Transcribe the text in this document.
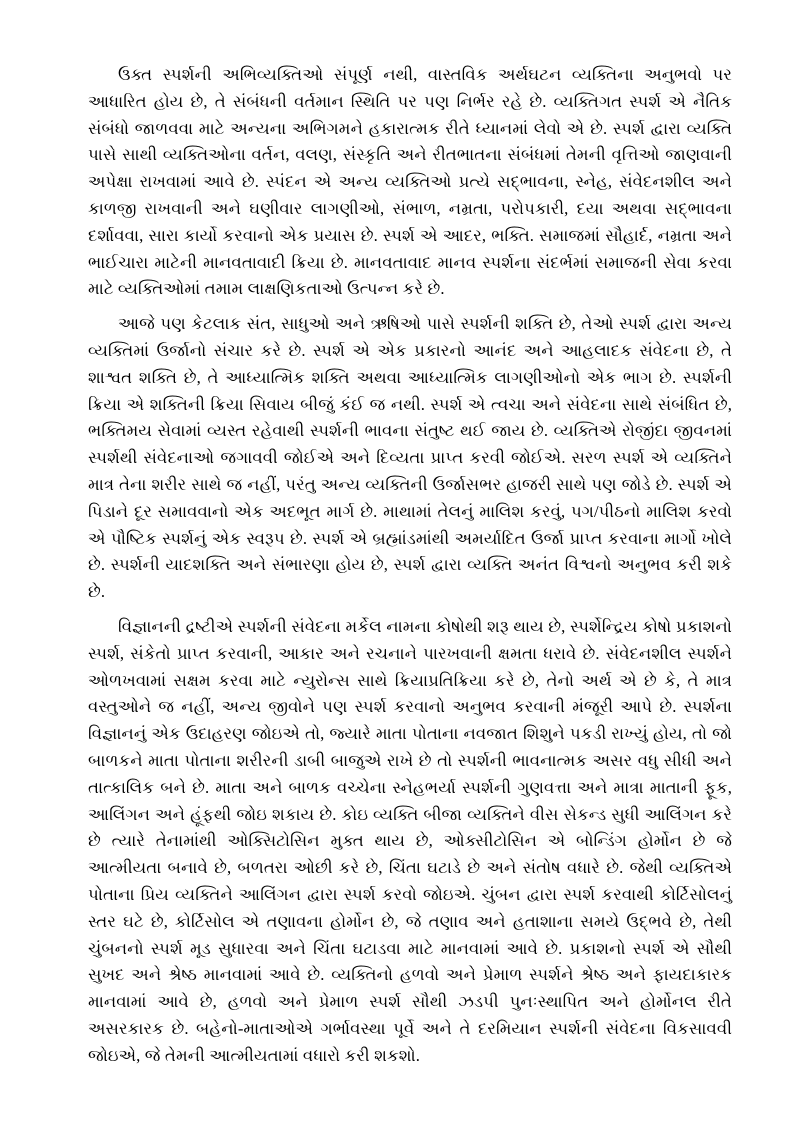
ઉક્ત સ્પર્શની અભિવ્યક્તિઓ સંપૂર્ણ નથી, વાસ્તવિક અર્થઘટન વ્યક્તિના અનુભવો પર આધારિત હોય છે, તે સંબંધની વર્તમાન સ્થિતિ પર પણ નિર્ભર રહે છે. વ્યક્તિગત સ્પર્શ એ નૈતિક સંબંધો જાળવવા માટે અન્યના અભિગમને હકારાત્મક રીતે ધ્યાનમાં લેવો એ છે. સ્પર્શ દ્વારા વ્યક્તિ પાસે સાથી વ્યક્તિઓના વર્તન, વલણ, સંસ્કૃતિ અને રીતભાતના સંબંધમાં તેમની વૃત્તિઓ જાણવાની અપેક્ષા રાખવામાં આવે છે. સ્પંદન એ અન્ય વ્યક્તિઓ પ્રત્યે સદ્ભાવના, સ્નેહ, સંવેદનશીલ અને કાળજી રાખવાની અને ઘણીવાર લાગણીઓ, સંભાળ, નમ્રતા, પરોપકારી, દયા અથવા સદ્ભાવના દર્શાવવા, સારા કાર્યો કરવાનો એક પ્રયાસ છે. સ્પર્શ એ આદર, ભક્તિ. સમાજમાં સૌહાર્દ, નમ્રતા અને ભાઈચારા માટેની માનવતાવાદી ક્રિયા છે. માનવતાવાદ માનવ સ્પર્શના સંદર્ભમાં સમાજની સેવા કરવા માટે વ્યક્તિઓમાં તમામ લાક્ષણિકતાઓ ઉત્પન્ન કરે છે.

આજે પણ કેટલાક સંત, સાધુઓ અને ઋષિઓ પાસે સ્પર્શની શક્તિ છે, તેઓ સ્પર્શ દ્વારા અન્ય વ્યક્તિમાં ઉર્જાનો સંચાર કરે છે. સ્પર્શ એ એક પ્રકારનો આનંદ અને આહલાદક સંવેદના છે, તે શાશ્વત શક્તિ છે, તે આધ્યાત્મિક શક્તિ અથવા આધ્યાત્મિક લાગણીઓનો એક ભાગ છે. સ્પર્શની ક્રિયા એ શક્તિની ક્રિયા સિવાય બીજું કંઈ જ નથી. સ્પર્શ એ ત્વચા અને સંવેદના સાથે સંબંધિત છે, ભક્તિમય સેવામાં વ્યસ્ત રહેવાથી સ્પર્શની ભાવના સંતુષ્ટ થઈ જાય છે. વ્યક્તિએ રોજીંદા જીવનમાં સ્પર્શથી સંવેદનાઓ જગાવવી જોઈએ અને દિવ્યતા પ્રાપ્ત કરવી જોઈએ. સરળ સ્પર્શ એ વ્યક્તિને માત્ર તેના શરીર સાથે જ નહીં, પરંતુ અન્ય વ્યક્તિની ઉર્જાસભર હાજરી સાથે પણ જોડે છે. સ્પર્શ એ પિડાને દૂર સમાવવાનો એક અદભૂત માર્ગ છે. માથામાં તેલનું માલિશ કરવું, પગ/પીઠનો માલિશ કરવો એ પૌષ્ટિક સ્પર્શનું એક સ્વરૂપ છે. સ્પર્શ એ બ્રહ્માંડમાંથી અમર્યાદિત ઉર્જા પ્રાપ્ત કરવાના માર્ગો ખોલે છે. સ્પર્શની યાદશક્તિ અને સંભારણા હોય છે, સ્પર્શ દ્વારા વ્યક્તિ અનંત વિશ્વનો અનુભવ કરી શકે છે.

વિજ્ઞાનની દ્રષ્ટીએ સ્પર્શની સંવેદના મર્કેલ નામના કોષોથી શરૂ થાય છે, સ્પર્શેન્દ્રિય કોષો પ્રકાશનો સ્પર્શ, સંકેતો પ્રાપ્ત કરવાની, આકાર અને રચનાને પારખવાની ક્ષમતા ધરાવે છે. સંવેદનશીલ સ્પર્શને ઓળખવામાં સક્ષમ કરવા માટે ન્યુરોન્સ સાથે ક્રિયાપ્રતિક્રિયા કરે છે, તેનો અર્થ એ છે કે, તે માત્ર વસ્તુઓને જ નહીં, અન્ય જીવોને પણ સ્પર્શ કરવાનો અનુભવ કરવાની મંજૂરી આપે છે. સ્પર્શના વિજ્ઞાનનું એક ઉદાહરણ જોઇએ તો, જ્યારે માતા પોતાના નવજાત શિશુને પકડી રાખ્યું હોય, તો જો બાળકને માતા પોતાના શરીરની ડાબી બાજુએ રાખે છે તો સ્પર્શની ભાવનાત્મક અસર વધુ સીધી અને તાત્કાલિક બને છે. માતા અને બાળક વચ્ચેના સ્નેહભર્યા સ્પર્શની ગુણવત્તા અને માત્રા માતાની ફૂક, આલિંગન અને હૂંફથી જોઇ શકાય છે. કોઇ વ્યક્તિ બીજા વ્યક્તિને વીસ સેકન્ડ સુધી આલિંગન કરે છે ત્યારે તેનામાંથી ઓક્સિટોસિન મુક્ત થાય છે, ઓક્સીટોસિન એ બોન્ડિંગ હોર્મોન છે જે આત્મીયતા બનાવે છે, બળતરા ઓછી કરે છે, ચિંતા ઘટાડે છે અને સંતોષ વધારે છે. જેથી વ્યક્તિએ પોતાના પ્રિય વ્યક્તિને આલિંગન દ્વારા સ્પર્શ કરવો જોઇએ. ચુંબન દ્વારા સ્પર્શ કરવાથી કોર્ટિસોલનું સ્તર ઘટે છે, કોર્ટિસોલ એ તણાવના હોર્મોન છે, જે તણાવ અને હતાશાના સમયે ઉદ્ભવે છે, તેથી ચુંબનનો સ્પર્શ મૂડ સુધારવા અને ચિંતા ઘટાડવા માટે માનવામાં આવે છે. પ્રકાશનો સ્પર્શ એ સૌથી સુખદ અને શ્રેષ્ઠ માનવામાં આવે છે. વ્યક્તિનો હળવો અને પ્રેમાળ સ્પર્શને શ્રેષ્ઠ અને ફાયદાકારક માનવામાં આવે છે, હળવો અને પ્રેમાળ સ્પર્શ સૌથી ઝડપી પુનઃસ્થાપિત અને હોર્મોનલ રીતે અસરકારક છે. બહેનો-માતાઓએ ગર્ભાવસ્થા પૂર્વે અને તે દરમિયાન સ્પર્શની સંવેદના વિકસાવવી જોઇએ, જે તેમની આત્મીયતામાં વધારો કરી શકશો.
